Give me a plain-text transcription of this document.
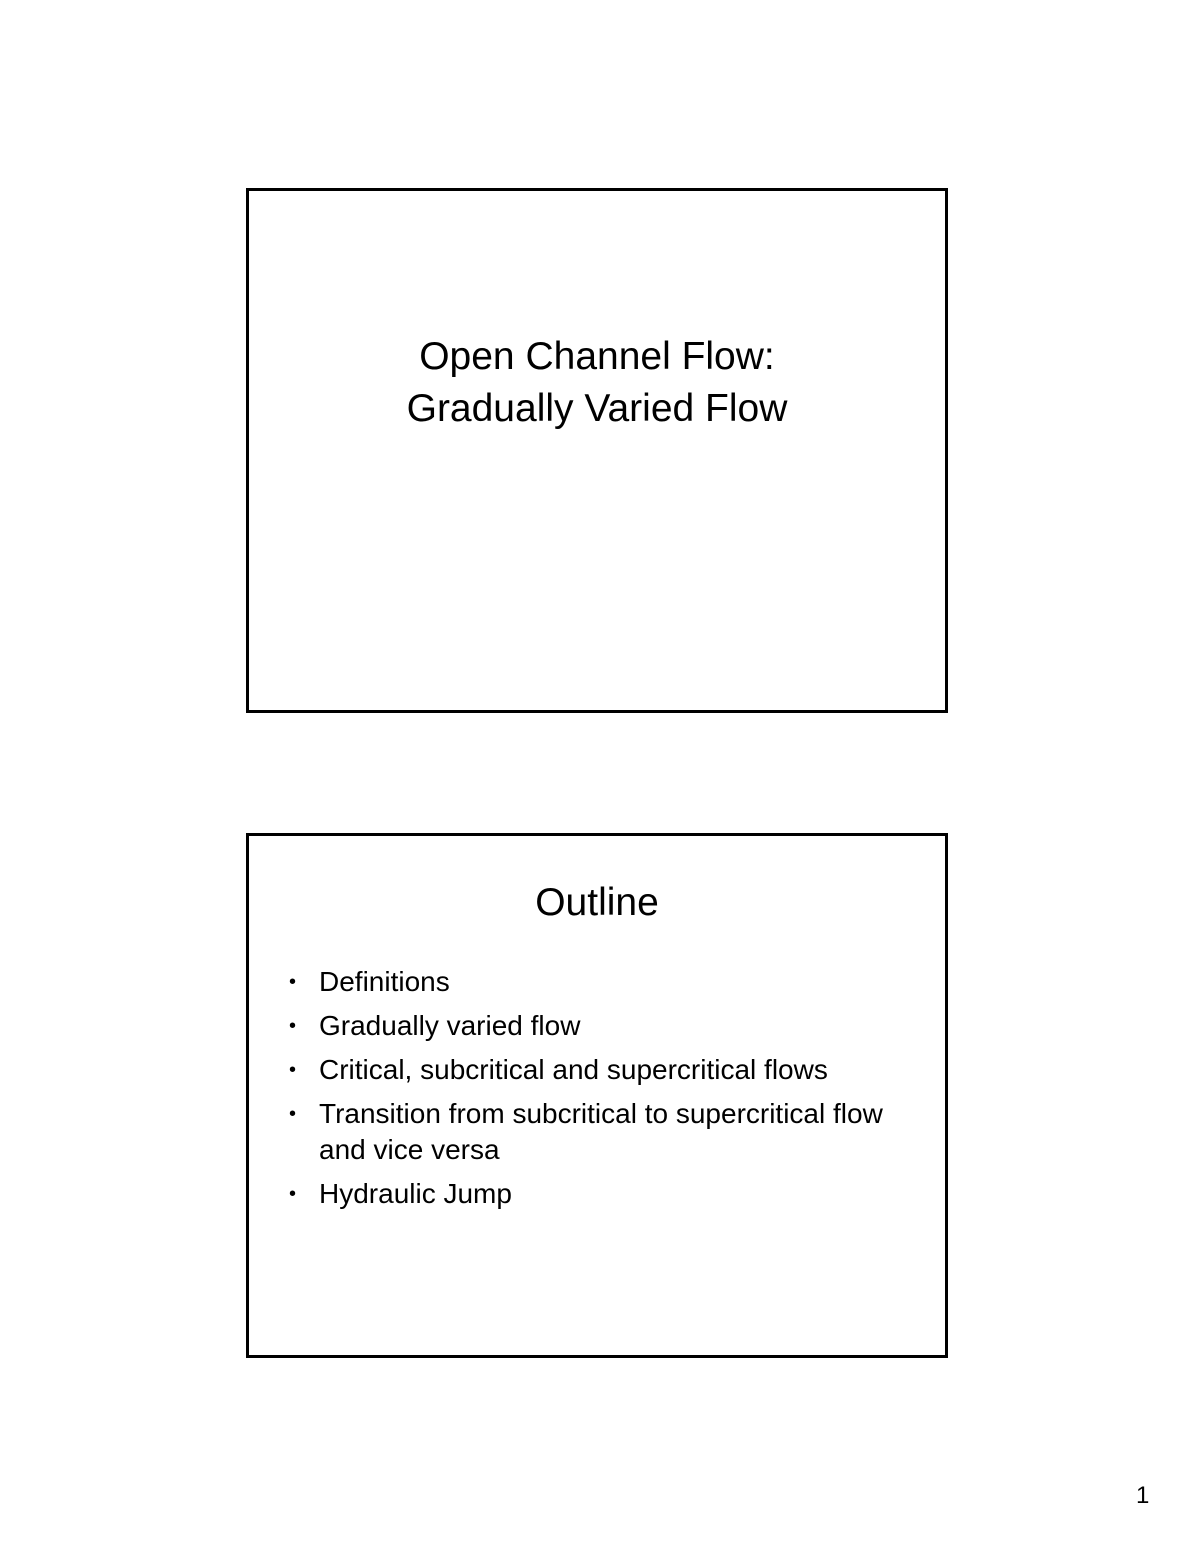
Open Channel Flow:
Gradually Varied Flow
Outline
• Definitions
• Gradually varied flow
• Critical, subcritical and supercritical flows
• Transition from subcritical to supercritical flow and vice versa
• Hydraulic Jump
1
